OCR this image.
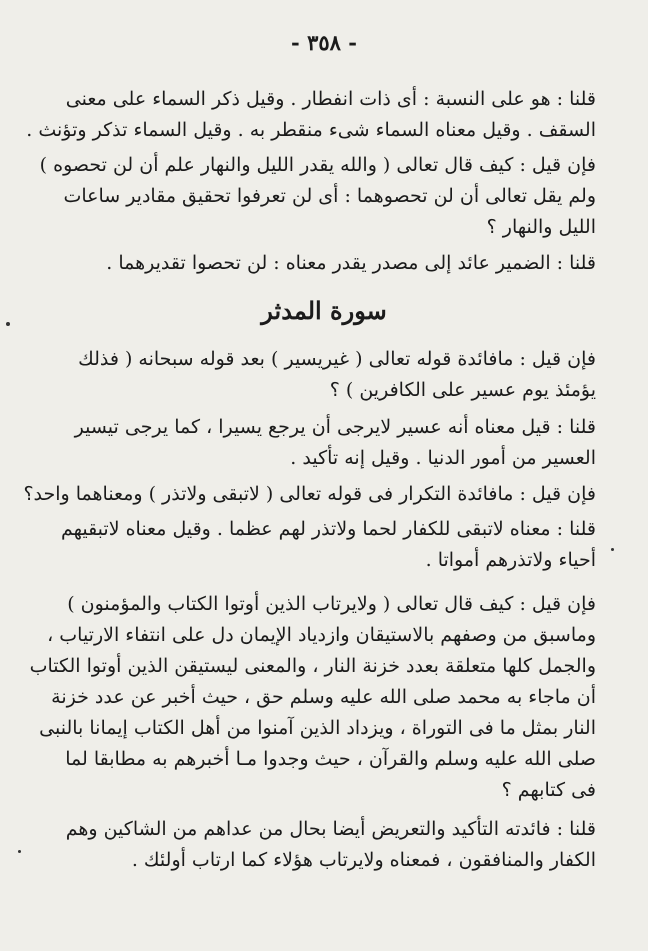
- ٣٥٨ -
قلنا : هو على النسبة : أى ذات انفطار . وقيل ذكر السماء على معنى
السقف . وقيل معناه السماء شىء منقطر به . وقيل السماء تذكر وتؤنث .
فإن قيل : كيف قال تعالى ( والله يقدر الليل والنهار علم أن لن تحصوه )
ولم يقل تعالى أن لن تحصوهما : أى لن تعرفوا تحقيق مقادير ساعات
الليل والنهار ؟
قلنا : الضمير عائد إلى مصدر يقدر معناه : لن تحصوا تقديرهما .
سورة المدثر
فإن قيل : مافائدة قوله تعالى ( غيريسير ) بعد قوله سبحانه ( فذلك
يؤمئذ يوم عسير على الكافرين ) ؟
قلنا : قيل معناه أنه عسير لايرجى أن يرجع يسيرا ، كما يرجى تيسير
العسير من أمور الدنيا . وقيل إنه تأكيد .
فإن قيل : مافائدة التكرار فى قوله تعالى ( لاتبقى ولاتذر ) ومعناهما واحد؟
قلنا : معناه لاتبقى للكفار لحما ولاتذر لهم عظما . وقيل معناه لاتبقيهم
أحياء ولاتذرهم أمواتا .
فإن قيل : كيف قال تعالى ( ولايرتاب الذين أوتوا الكتاب والمؤمنون )
وماسبق من وصفهم بالاستيقان وازدياد الإيمان دل على انتفاء الارتياب ،
والجمل كلها متعلقة بعدد خزنة النار ، والمعنى ليستيقن الذين أوتوا الكتاب
أن ماجاء به محمد صلى الله عليه وسلم حق ، حيث أخبر عن عدد خزنة
النار بمثل ما فى التوراة ، ويزداد الذين آمنوا من أهل الكتاب إيمانا بالنبى
صلى الله عليه وسلم والقرآن ، حيث وجدوا مـا أخبرهم به مطابقا لما
فى كتابهم ؟
قلنا : فائدته التأكيد والتعريض أيضا بحال من عداهم من الشاكين وهم
الكفار والمنافقون ، فمعناه ولايرتاب هؤلاء كما ارتاب أولئك .
